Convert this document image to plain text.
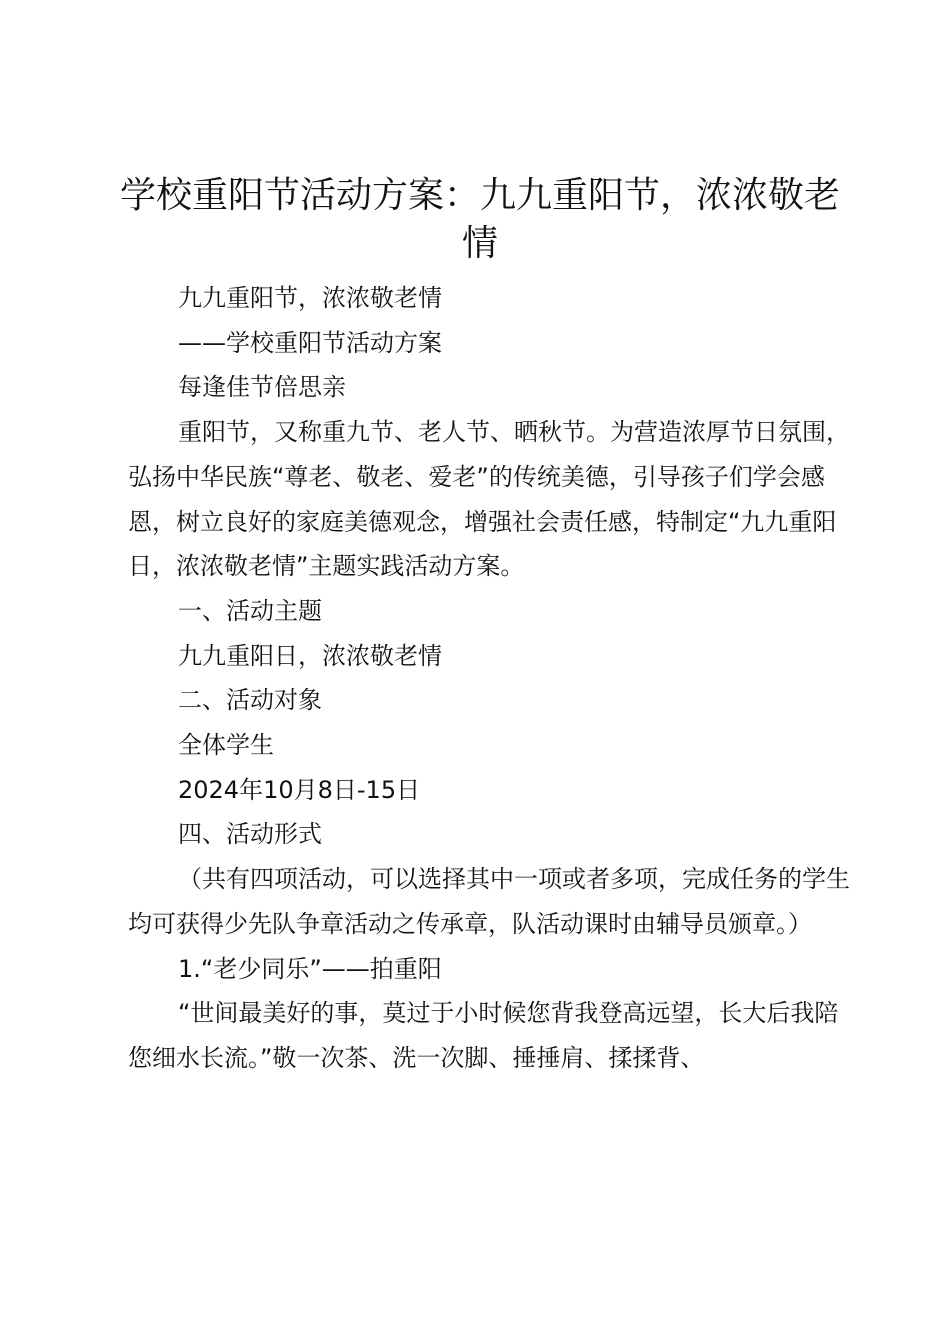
学校重阳节活动方案：九九重阳节，浓浓敬老情

九九重阳节，浓浓敬老情

——学校重阳节活动方案

每逢佳节倍思亲

重阳节，又称重九节、老人节、晒秋节。为营造浓厚节日氛围，弘扬中华民族“尊老、敬老、爱老”的传统美德，引导孩子们学会感恩，树立良好的家庭美德观念，增强社会责任感，特制定“九九重阳日，浓浓敬老情”主题实践活动方案。

一、活动主题

九九重阳日，浓浓敬老情

二、活动对象

全体学生

2024年10月8日-15日

四、活动形式

（共有四项活动，可以选择其中一项或者多项，完成任务的学生均可获得少先队争章活动之传承章，队活动课时由辅导员颁章。）

1.“老少同乐”——拍重阳

“世间最美好的事，莫过于小时候您背我登高远望，长大后我陪您细水长流。”敬一次茶、洗一次脚、捶捶肩、揉揉背、
